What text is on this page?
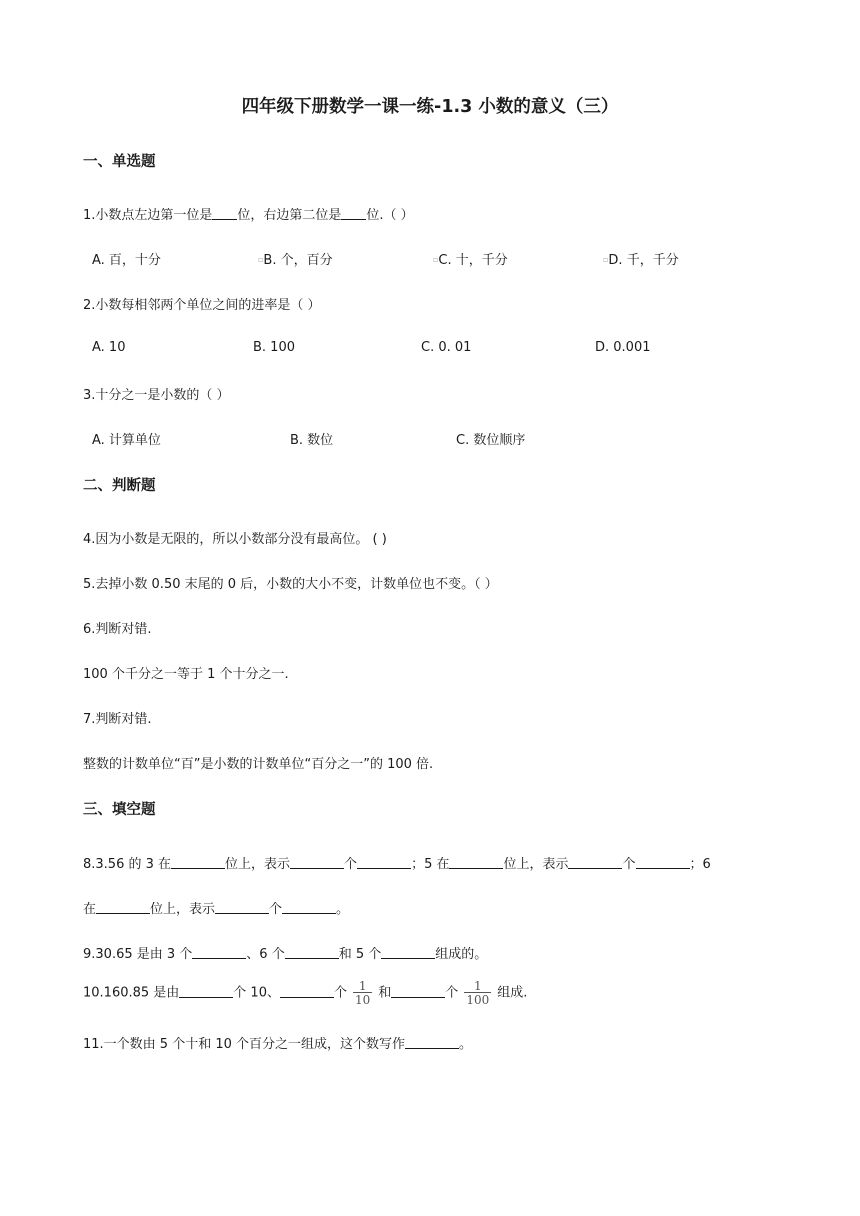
四年级下册数学一课一练-1.3 小数的意义（三）
一、单选题
1.小数点左边第一位是 位，右边第二位是 位.（ ）
A. 百，十分	▫B. 个，百分	▫C. 十，千分	▫D. 千，千分
2.小数每相邻两个单位之间的进率是（ ）
A. 10	B. 100	C. 0. 01	D. 0.001
3.十分之一是小数的（ ）
A. 计算单位	B. 数位	C. 数位顺序
二、判断题
4.因为小数是无限的，所以小数部分没有最高位。 ( )
5.去掉小数 0.50 末尾的 0 后，小数的大小不变，计数单位也不变。（ ）
6.判断对错.
100 个千分之一等于 1 个十分之一.
7.判断对错.
整数的计数单位“百”是小数的计数单位“百分之一”的 100 倍.
三、填空题
8.3.56 的 3 在	位上，表示	个	；5 在	位上，表示	个	；6
在	位上，表示	个	。
9.30.65 是由 3 个	、6 个	和 5 个	组成的。
10.160.85 是由	个 10、	个 $\frac{1}{10}$ 和	个 $\frac{1}{100}$ 组成.
11.一个数由 5 个十和 10 个百分之一组成，这个数写作	。
